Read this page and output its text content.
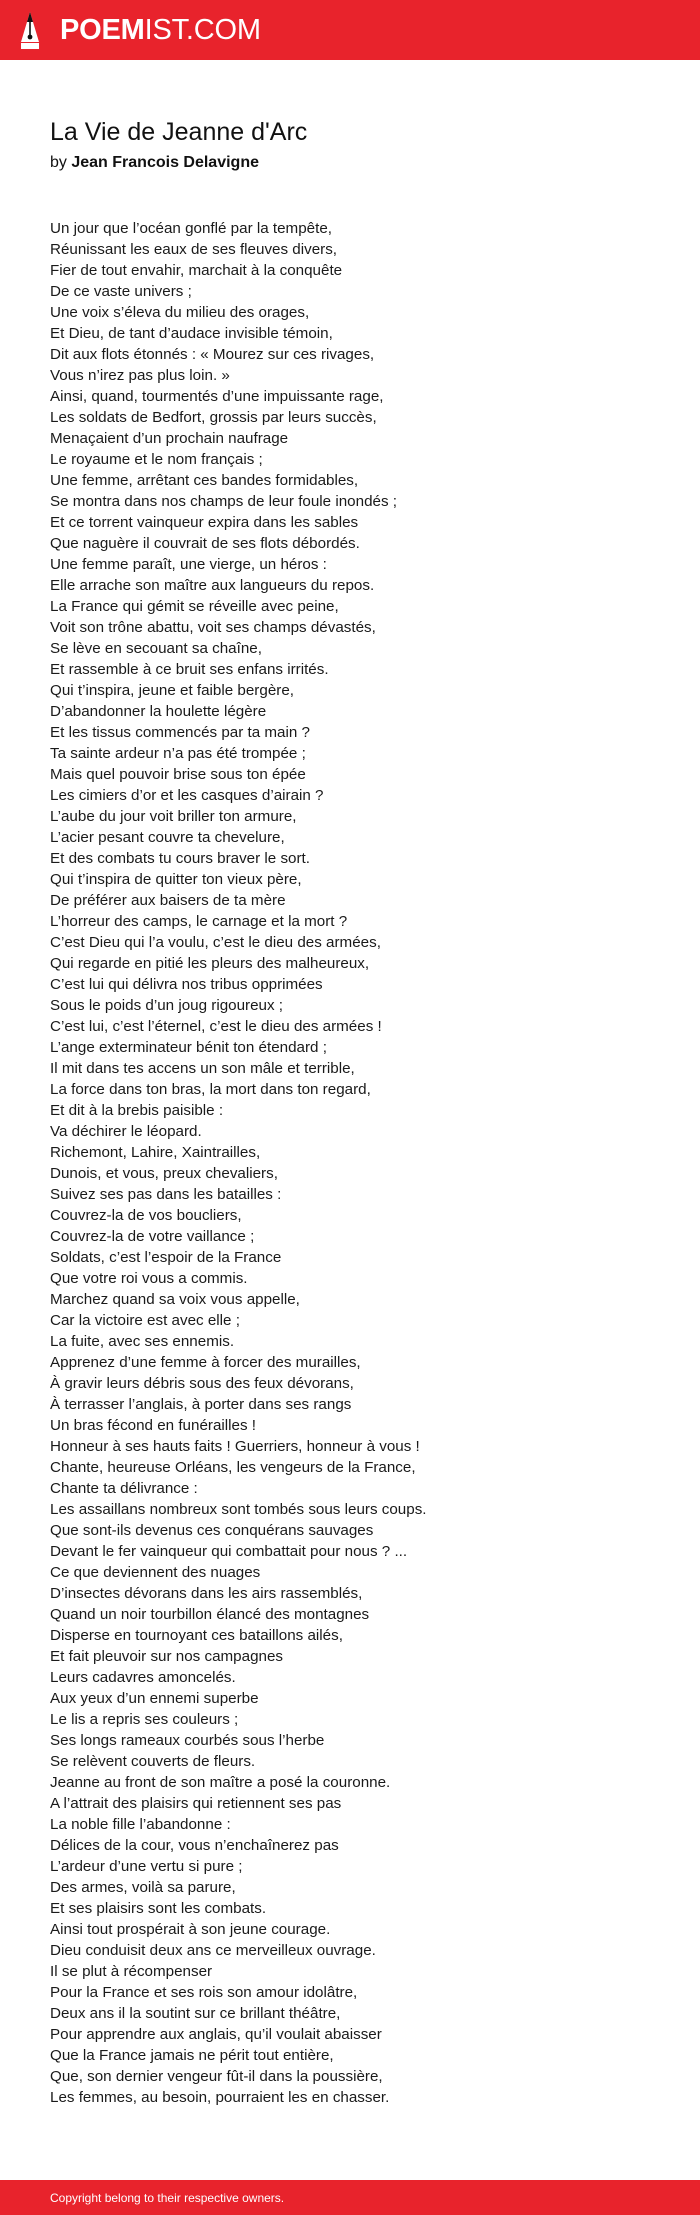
POEMIST.COM
La Vie de Jeanne d'Arc
by Jean Francois Delavigne
Un jour que l’océan gonflé par la tempête,
Réunissant les eaux de ses fleuves divers,
Fier de tout envahir, marchait à la conquête
De ce vaste univers ;
Une voix s’éleva du milieu des orages,
Et Dieu, de tant d’audace invisible témoin,
Dit aux flots étonnés : « Mourez sur ces rivages,
Vous n’irez pas plus loin. »
Ainsi, quand, tourmentés d’une impuissante rage,
Les soldats de Bedfort, grossis par leurs succès,
Menaçaient d’un prochain naufrage
Le royaume et le nom français ;
Une femme, arrêtant ces bandes formidables,
Se montra dans nos champs de leur foule inondés ;
Et ce torrent vainqueur expira dans les sables
Que naguère il couvrait de ses flots débordés.
Une femme paraît, une vierge, un héros :
Elle arrache son maître aux langueurs du repos.
La France qui gémit se réveille avec peine,
Voit son trône abattu, voit ses champs dévastés,
Se lève en secouant sa chaîne,
Et rassemble à ce bruit ses enfans irrités.
Qui t’inspira, jeune et faible bergère,
D’abandonner la houlette légère
Et les tissus commencés par ta main ?
Ta sainte ardeur n’a pas été trompée ;
Mais quel pouvoir brise sous ton épée
Les cimiers d’or et les casques d’airain ?
L’aube du jour voit briller ton armure,
L’acier pesant couvre ta chevelure,
Et des combats tu cours braver le sort.
Qui t’inspira de quitter ton vieux père,
De préférer aux baisers de ta mère
L’horreur des camps, le carnage et la mort ?
C’est Dieu qui l’a voulu, c’est le dieu des armées,
Qui regarde en pitié les pleurs des malheureux,
C’est lui qui délivra nos tribus opprimées
Sous le poids d’un joug rigoureux ;
C’est lui, c’est l’éternel, c’est le dieu des armées !
L’ange exterminateur bénit ton étendard ;
Il mit dans tes accens un son mâle et terrible,
La force dans ton bras, la mort dans ton regard,
Et dit à la brebis paisible :
Va déchirer le léopard.
Richemont, Lahire, Xaintrailles,
Dunois, et vous, preux chevaliers,
Suivez ses pas dans les batailles :
Couvrez-la de vos boucliers,
Couvrez-la de votre vaillance ;
Soldats, c’est l’espoir de la France
Que votre roi vous a commis.
Marchez quand sa voix vous appelle,
Car la victoire est avec elle ;
La fuite, avec ses ennemis.
Apprenez d’une femme à forcer des murailles,
À gravir leurs débris sous des feux dévorans,
À terrasser l’anglais, à porter dans ses rangs
Un bras fécond en funérailles !
Honneur à ses hauts faits ! Guerriers, honneur à vous !
Chante, heureuse Orléans, les vengeurs de la France,
Chante ta délivrance :
Les assaillans nombreux sont tombés sous leurs coups.
Que sont-ils devenus ces conquérans sauvages
Devant le fer vainqueur qui combattait pour nous ? ...
Ce que deviennent des nuages
D’insectes dévorans dans les airs rassemblés,
Quand un noir tourbillon élancé des montagnes
Disperse en tournoyant ces bataillons ailés,
Et fait pleuvoir sur nos campagnes
Leurs cadavres amoncelés.
Aux yeux d’un ennemi superbe
Le lis a repris ses couleurs ;
Ses longs rameaux courbés sous l’herbe
Se relèvent couverts de fleurs.
Jeanne au front de son maître a posé la couronne.
A l’attrait des plaisirs qui retiennent ses pas
La noble fille l’abandonne :
Délices de la cour, vous n’enchaînerez pas
L’ardeur d’une vertu si pure ;
Des armes, voilà sa parure,
Et ses plaisirs sont les combats.
Ainsi tout prospérait à son jeune courage.
Dieu conduisit deux ans ce merveilleux ouvrage.
Il se plut à récompenser
Pour la France et ses rois son amour idolâtre,
Deux ans il la soutint sur ce brillant théâtre,
Pour apprendre aux anglais, qu’il voulait abaisser
Que la France jamais ne périt tout entière,
Que, son dernier vengeur fût-il dans la poussière,
Les femmes, au besoin, pourraient les en chasser.
Copyright belong to their respective owners.
